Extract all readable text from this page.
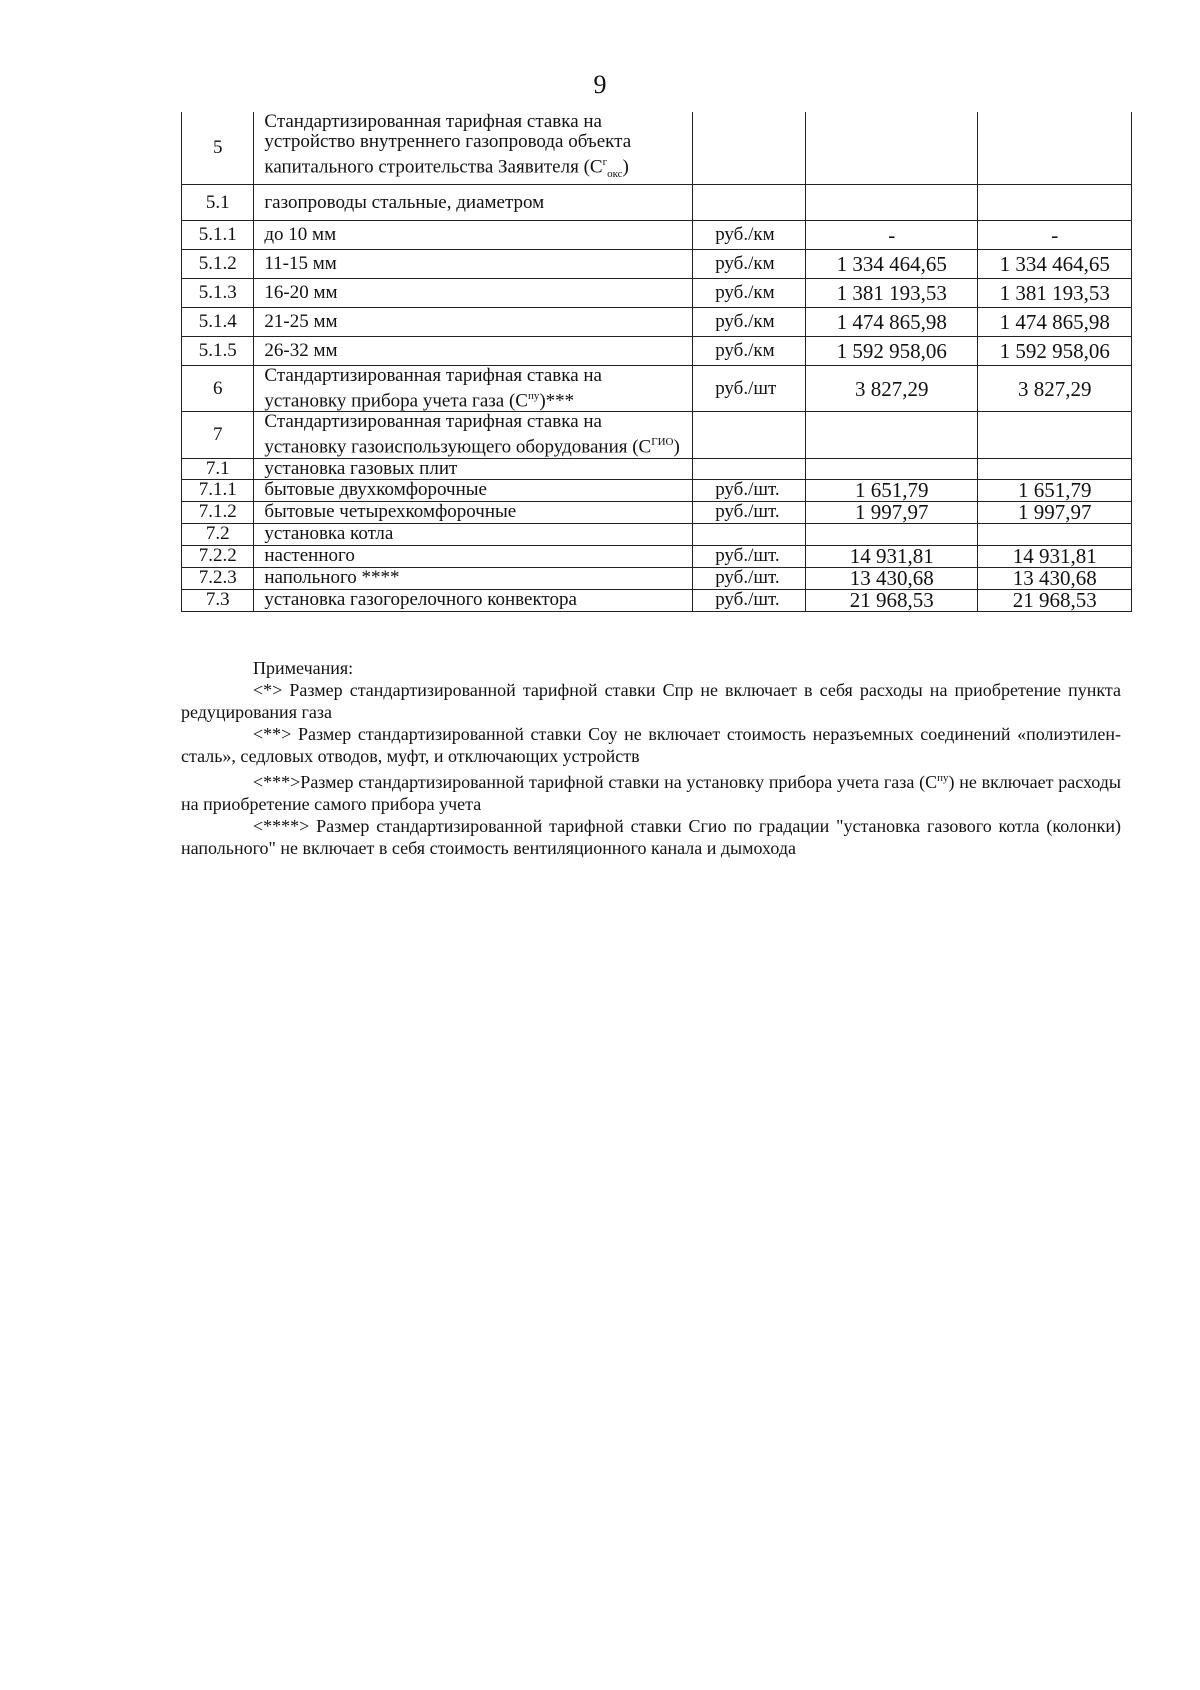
9
5	Стандартизированная тарифная ставка на устройство внутреннего газопровода объекта капитального строительства Заявителя $(С^г_{окс})$			
5.1	газопроводы стальные, диаметром			
5.1.1	до 10 мм	руб./км	-	-
5.1.2	11-15 мм	руб./км	1 334 464,65	1 334 464,65
5.1.3	16-20 мм	руб./км	1 381 193,53	1 381 193,53
5.1.4	21-25 мм	руб./км	1 474 865,98	1 474 865,98
5.1.5	26-32 мм	руб./км	1 592 958,06	1 592 958,06
6	Стандартизированная тарифная ставка на установку прибора учета газа $(С^{пу})***$	руб./шт	3 827,29	3 827,29
7	Стандартизированная тарифная ставка на установку газоиспользующего оборудования $(С^{ГИО})$			
7.1	установка газовых плит			
7.1.1	бытовые двухкомфорочные	руб./шт.	1 651,79	1 651,79
7.1.2	бытовые четырехкомфорочные	руб./шт.	1 997,97	1 997,97
7.2	установка котла			
7.2.2	настенного	руб./шт.	14 931,81	14 931,81
7.2.3	напольного ****	руб./шт.	13 430,68	13 430,68
7.3	установка газогорелочного конвектора	руб./шт.	21 968,53	21 968,53
Примечания:

<*> Размер стандартизированной тарифной ставки Спр не включает в себя расходы на приобретение пункта редуцирования газа

<**> Размер стандартизированной ставки Соу не включает стоимость неразъемных соединений «полиэтилен-сталь», седловых отводов, муфт, и отключающих устройств

<***>Размер стандартизированной тарифной ставки на установку прибора учета газа $(С^{пу})$ не включает расходы на приобретение самого прибора учета

<****> Размер стандартизированной тарифной ставки Сгио по градации "установка газового котла (колонки) напольного" не включает в себя стоимость вентиляционного канала и дымохода
